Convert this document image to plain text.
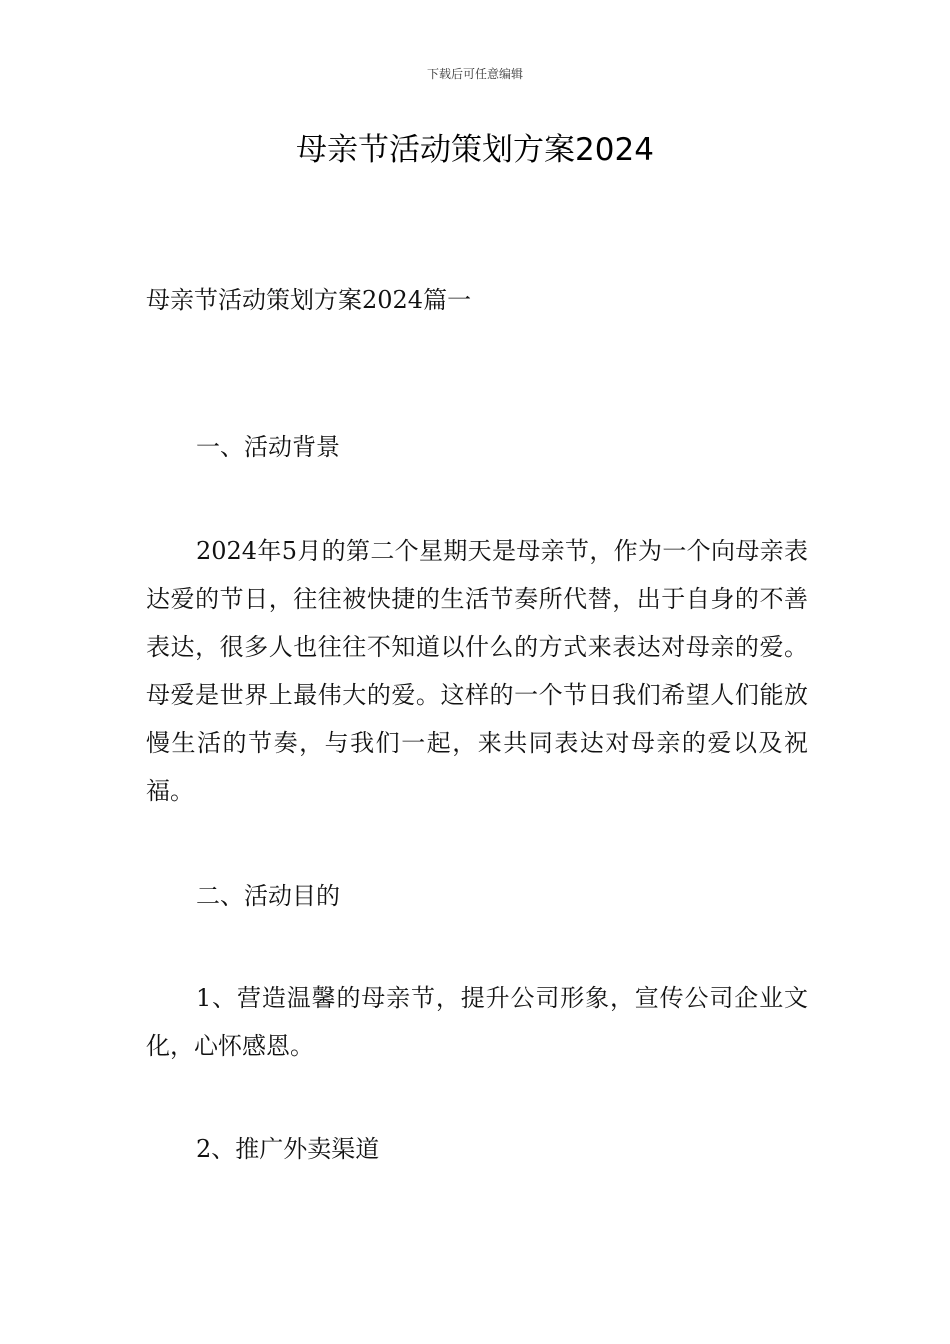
下载后可任意编辑
母亲节活动策划方案2024
母亲节活动策划方案2024篇一
一、活动背景

2024年5月的第二个星期天是母亲节，作为一个向母亲表达爱的节日，往往被快捷的生活节奏所代替，出于自身的不善表达，很多人也往往不知道以什么的方式来表达对母亲的爱。母爱是世界上最伟大的爱。这样的一个节日我们希望人们能放慢生活的节奏，与我们一起，来共同表达对母亲的爱以及祝福。

二、活动目的

1、营造温馨的母亲节，提升公司形象，宣传公司企业文化，心怀感恩。

2、推广外卖渠道
